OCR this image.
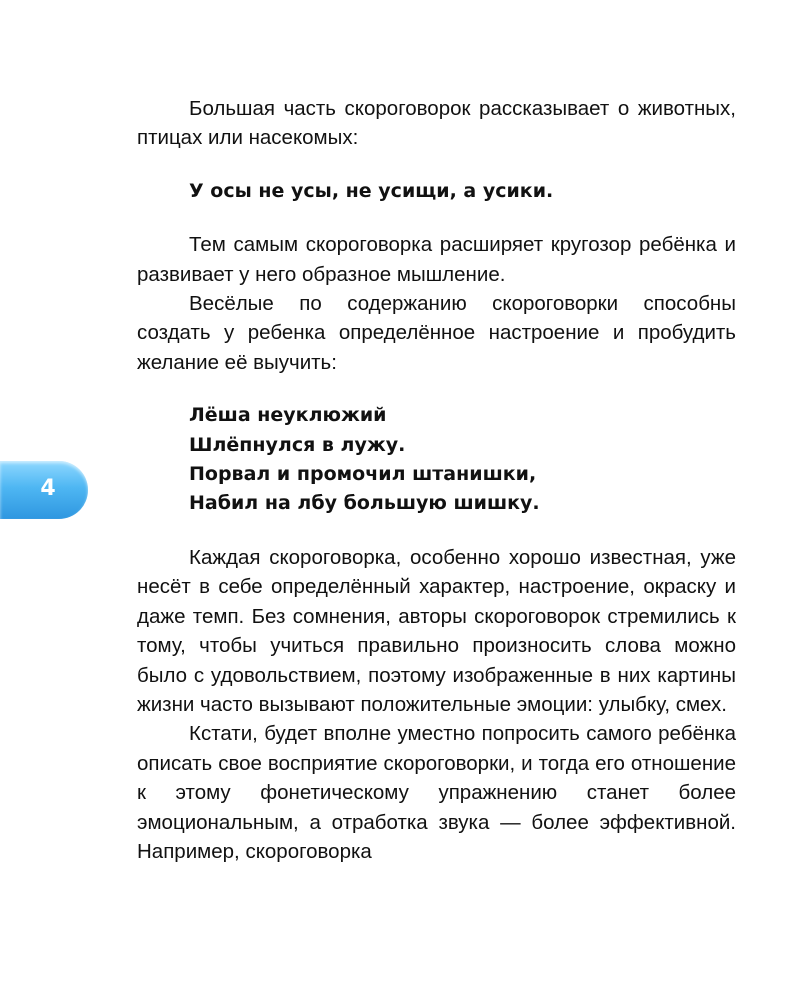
4

Большая часть скороговорок рассказывает о животных, птицах или насекомых:

У осы не усы, не усищи, а усики.

Тем самым скороговорка расширяет кругозор ребёнка и развивает у него образное мышление.

Весёлые по содержанию скороговорки способны создать у ребенка определённое настроение и пробудить желание её выучить:

Лёша неуклюжий
Шлёпнулся в лужу.
Порвал и промочил штанишки,
Набил на лбу большую шишку.

Каждая скороговорка, особенно хорошо известная, уже несёт в себе определённый характер, настроение, окраску и даже темп. Без сомнения, авторы скороговорок стремились к тому, чтобы учиться правильно произносить слова можно было с удовольствием, поэтому изображенные в них картины жизни часто вызывают положительные эмоции: улыбку, смех.

Кстати, будет вполне уместно попросить самого ребёнка описать свое восприятие скороговорки, и тогда его отношение к этому фонетическому упражнению станет более эмоциональным, а отработка звука — более эффективной. Например, скороговорка
